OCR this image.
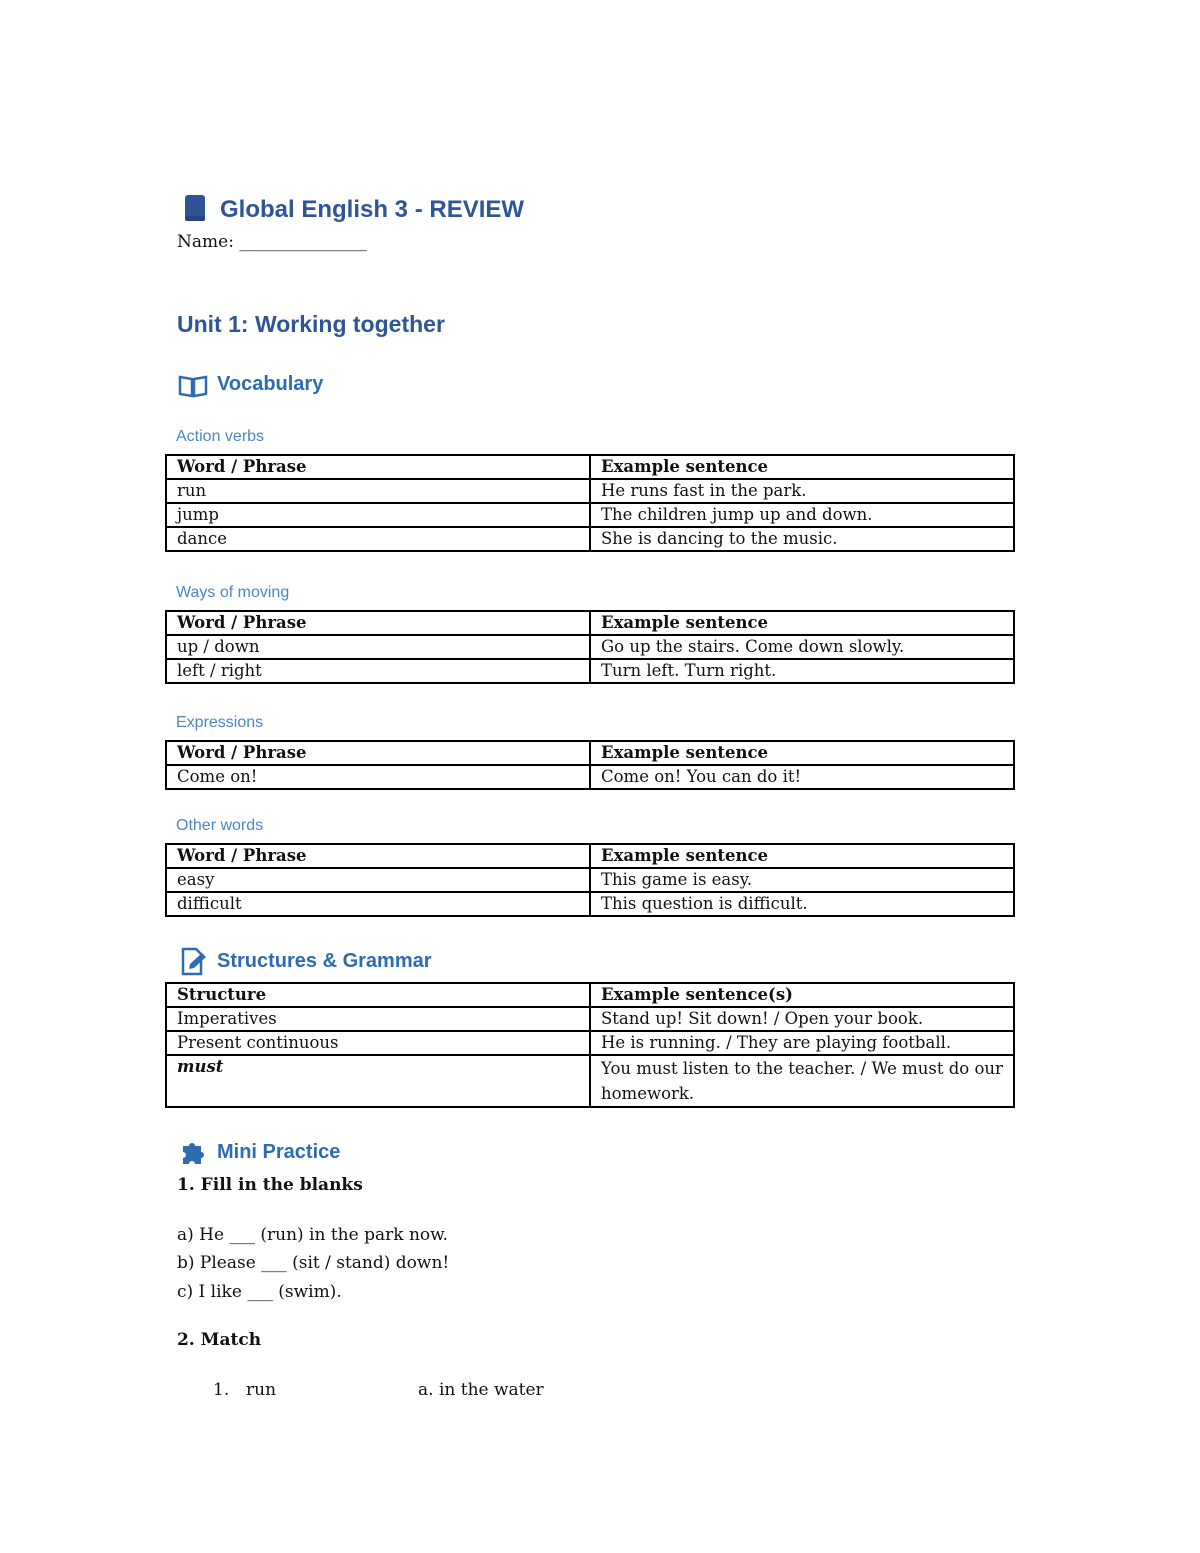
Global English 3 - REVIEW
Name: _______________
Unit 1: Working together
Vocabulary
Action verbs
Word / Phrase	Example sentence
run	He runs fast in the park.
jump	The children jump up and down.
dance	She is dancing to the music.
Ways of moving
Word / Phrase	Example sentence
up / down	Go up the stairs. Come down slowly.
left / right	Turn left. Turn right.
Expressions
Word / Phrase	Example sentence
Come on!	Come on! You can do it!
Other words
Word / Phrase	Example sentence
easy	This game is easy.
difficult	This question is difficult.
Structures & Grammar
Structure	Example sentence(s)
Imperatives	Stand up! Sit down! / Open your book.
Present continuous	He is running. / They are playing football.
must	You must listen to the teacher. / We must do our homework.
Mini Practice
1. Fill in the blanks
a) He ___ (run) in the park now.
b) Please ___ (sit / stand) down!
c) I like ___ (swim).
2. Match
1. run	a. in the water
